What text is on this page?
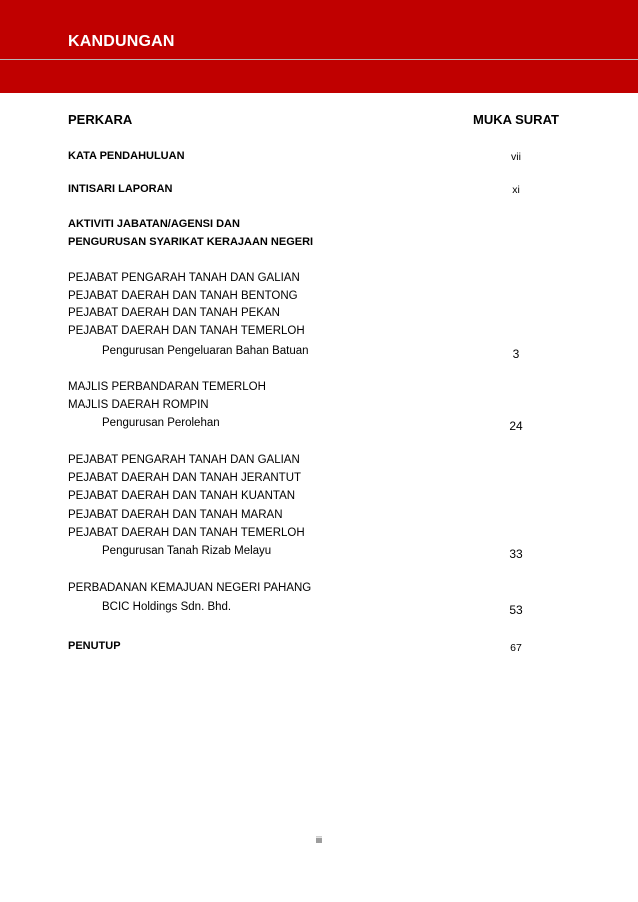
KANDUNGAN
PERKARA	MUKA SURAT
KATA PENDAHULUAN	vii
INTISARI LAPORAN	xi
AKTIVITI JABATAN/AGENSI DAN
PENGURUSAN SYARIKAT KERAJAAN NEGERI
PEJABAT PENGARAH TANAH DAN GALIAN
PEJABAT DAERAH DAN TANAH BENTONG
PEJABAT DAERAH DAN TANAH PEKAN
PEJABAT DAERAH DAN TANAH TEMERLOH
Pengurusan Pengeluaran Bahan Batuan	3
MAJLIS PERBANDARAN TEMERLOH
MAJLIS DAERAH ROMPIN
Pengurusan Perolehan	24
PEJABAT PENGARAH TANAH DAN GALIAN
PEJABAT DAERAH DAN TANAH JERANTUT
PEJABAT DAERAH DAN TANAH KUANTAN
PEJABAT DAERAH DAN TANAH MARAN
PEJABAT DAERAH DAN TANAH TEMERLOH
Pengurusan Tanah Rizab Melayu	33
PERBADANAN KEMAJUAN NEGERI PAHANG
BCIC Holdings Sdn. Bhd.	53
PENUTUP	67
iii
